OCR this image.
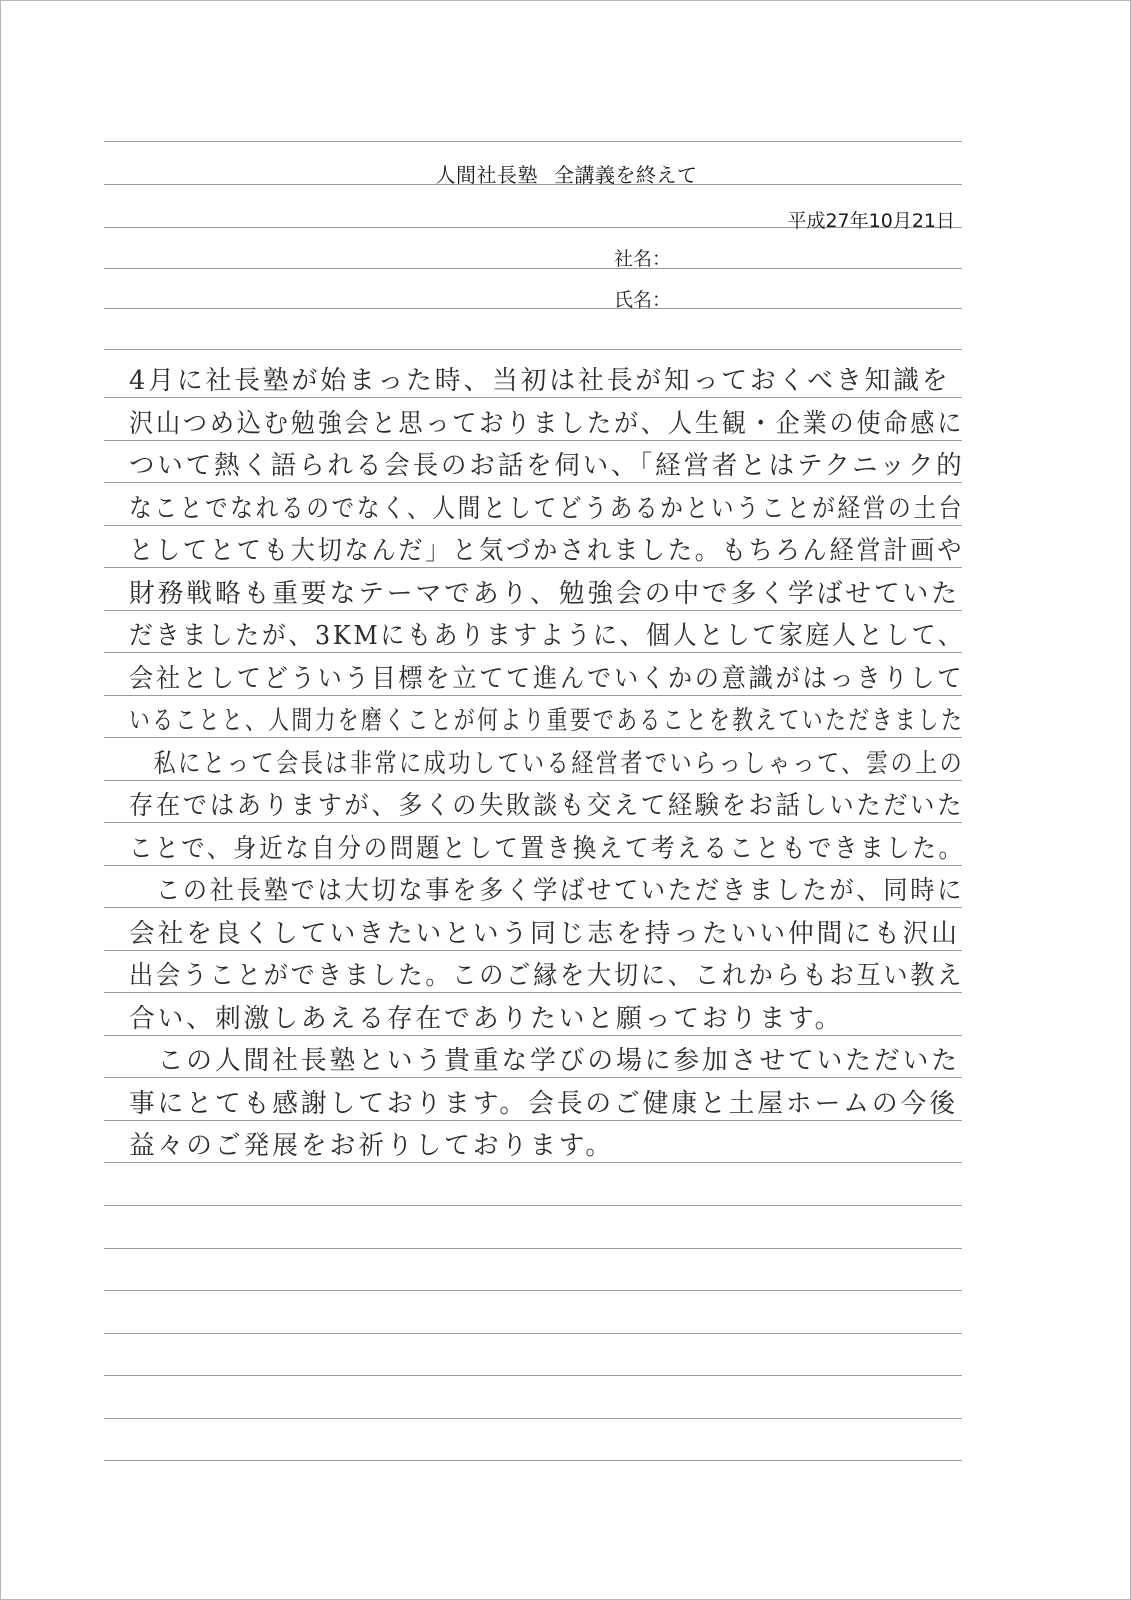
人間社長塾 全講義を終えて
平成27年10月21日
社名：
氏名：
4月に社長塾が始まった時、当初は社長が知っておくべき知識を
沢山つめ込む勉強会と思っておりましたが、人生観・企業の使命感に
ついて熱く語られる会長のお話を伺い、「経営者とはテクニック的
なことでなれるのでなく、人間としてどうあるかということが経営の土台
としてとても大切なんだ」と気づかされました。もちろん経営計画や
財務戦略も重要なテーマであり、勉強会の中で多く学ばせていた
だきましたが、3KMにもありますように、個人として家庭人として、
会社としてどういう目標を立てて進んでいくかの意識がはっきりして
いることと、人間力を磨くことが何より重要であることを教えていただきました
　私にとって会長は非常に成功している経営者でいらっしゃって、雲の上の
存在ではありますが、多くの失敗談も交えて経験をお話しいただいた
ことで、身近な自分の問題として置き換えて考えることもできました。
　この社長塾では大切な事を多く学ばせていただきましたが、同時に
会社を良くしていきたいという同じ志を持ったいい仲間にも沢山
出会うことができました。このご縁を大切に、これからもお互い教え
合い、刺激しあえる存在でありたいと願っております。
　この人間社長塾という貴重な学びの場に参加させていただいた
事にとても感謝しております。会長のご健康と土屋ホームの今後
益々のご発展をお祈りしております。
